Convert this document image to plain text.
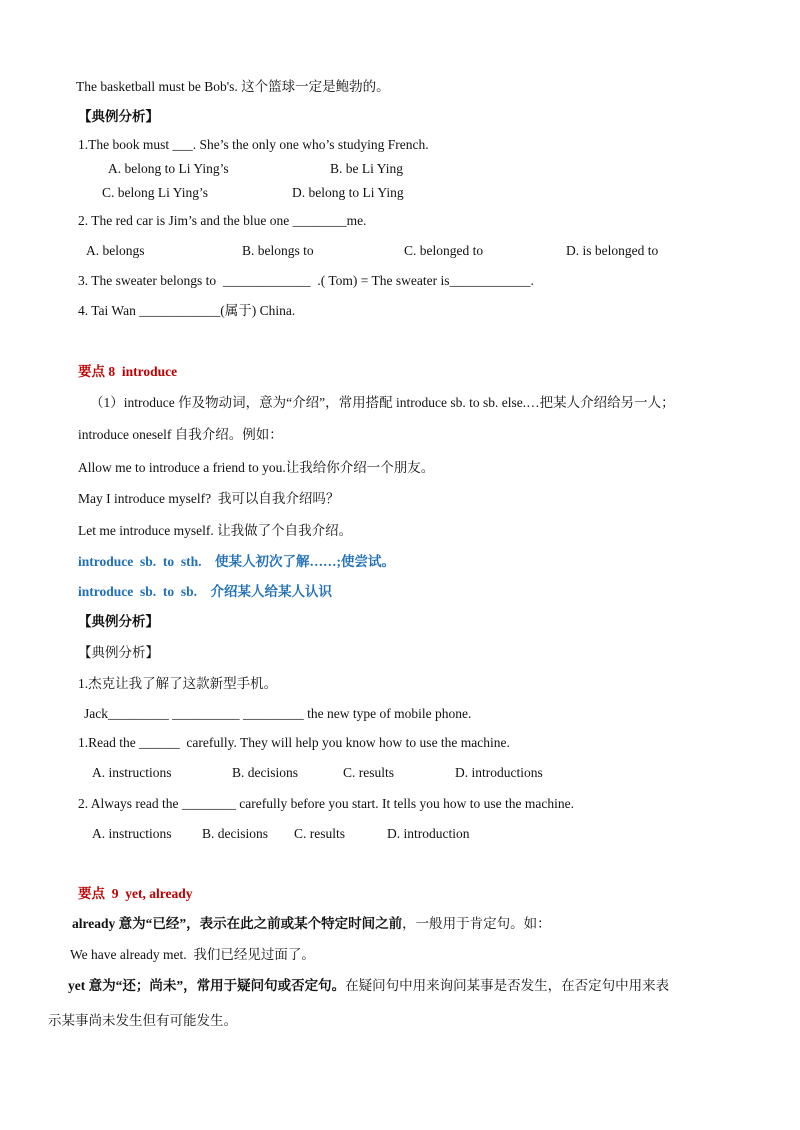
The basketball must be Bob's. 这个篮球一定是鲍勃的。
【典例分析】
1.The book must ___. She’s the only one who’s studying French.
A. belong to Li Ying’s	B. be Li Ying
C. belong Li Ying’s	D. belong to Li Ying
2. The red car is Jim’s and the blue one ________me.
A. belongs	B. belongs to	C. belonged to	D. is belonged to
3. The sweater belongs to  _____________  .( Tom) = The sweater is____________.
4. Tai Wan ____________(属于) China.
要点 8  introduce
（1）introduce 作及物动词，意为“介绍”，常用搭配 introduce sb. to sb. else.…把某人介绍给另一人；
introduce oneself 自我介绍。例如：
Allow me to introduce a friend to you.让我给你介绍一个朋友。
May I introduce myself?  我可以自我介绍吗？
Let me introduce myself. 让我做了个自我介绍。
introduce  sb.  to  sth.    使某人初次了解……;使尝试。
introduce  sb.  to  sb.    介绍某人给某人认识
【典例分析】
【典例分析】
1.杰克让我了解了这款新型手机。
Jack_________ __________ _________ the new type of mobile phone.
1.Read the ______  carefully. They will help you know how to use the machine.
A. instructions	B. decisions	C. results	D. introductions
2. Always read the ________ carefully before you start. It tells you how to use the machine.
A. instructions B. decisions C. results	D. introduction
要点  9  yet, already
already 意为“已经”，表示在此之前或某个特定时间之前，一般用于肯定句。如：
We have already met.  我们已经见过面了。
yet 意为“还；尚未”，常用于疑问句或否定句。在疑问句中用来询问某事是否发生，在否定句中用来表
示某事尚未发生但有可能发生。
